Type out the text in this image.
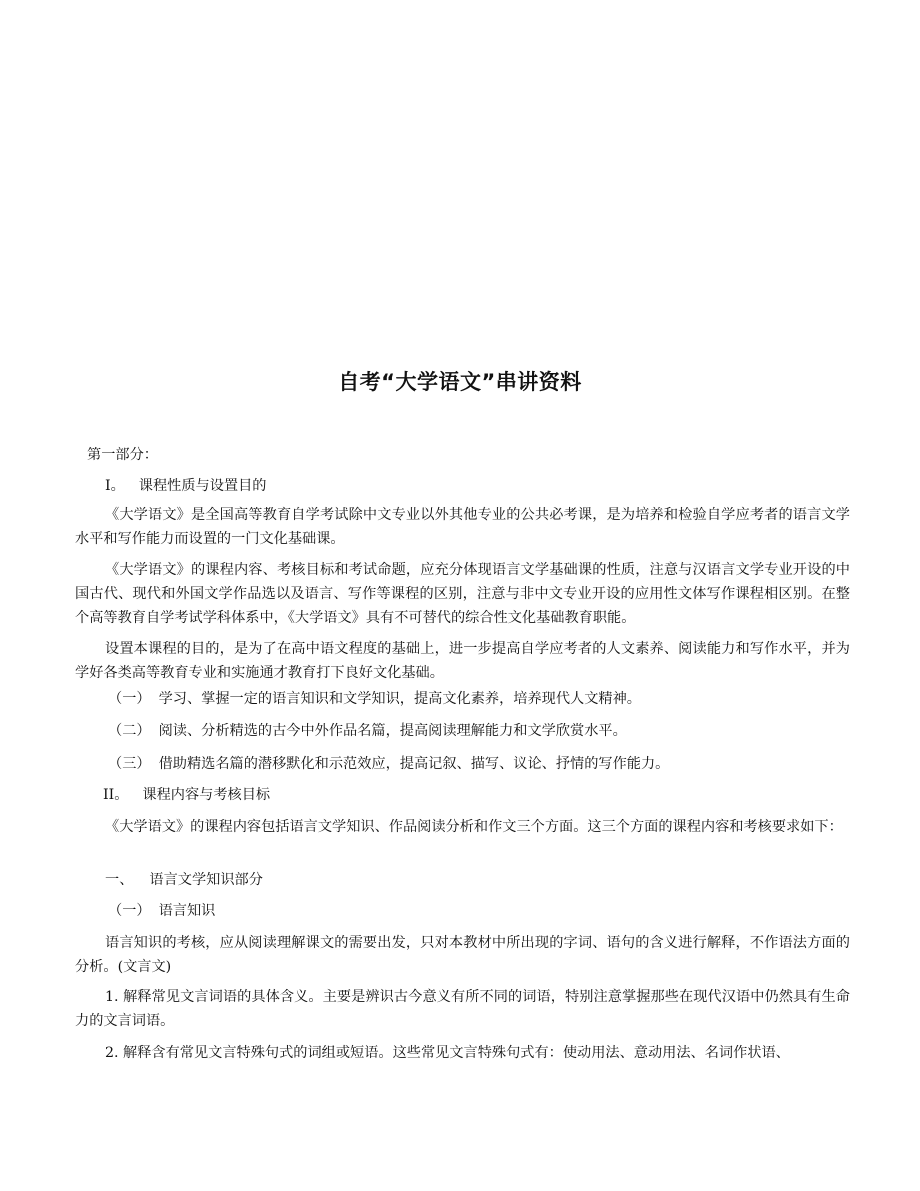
自考“大学语文”串讲资料
第一部分：
I。 课程性质与设置目的
《大学语文》是全国高等教育自学考试除中文专业以外其他专业的公共必考课，是为培养和检验自学应考者的语言文学水平和写作能力而设置的一门文化基础课。
《大学语文》的课程内容、考核目标和考试命题，应充分体现语言文学基础课的性质，注意与汉语言文学专业开设的中国古代、现代和外国文学作品选以及语言、写作等课程的区别，注意与非中文专业开设的应用性文体写作课程相区别。在整个高等教育自学考试学科体系中，《大学语文》具有不可替代的综合性文化基础教育职能。
设置本课程的目的，是为了在高中语文程度的基础上，进一步提高自学应考者的人文素养、阅读能力和写作水平，并为学好各类高等教育专业和实施通才教育打下良好文化基础。
（一） 学习、掌握一定的语言知识和文学知识，提高文化素养，培养现代人文精神。
（二） 阅读、分析精选的古今中外作品名篇，提高阅读理解能力和文学欣赏水平。
（三） 借助精选名篇的潜移默化和示范效应，提高记叙、描写、议论、抒情的写作能力。
II。 课程内容与考核目标
《大学语文》的课程内容包括语言文学知识、作品阅读分析和作文三个方面。这三个方面的课程内容和考核要求如下：
一、 语言文学知识部分
（一） 语言知识
语言知识的考核，应从阅读理解课文的需要出发，只对本教材中所出现的字词、语句的含义进行解释，不作语法方面的分析。(文言文)
1. 解释常见文言词语的具体含义。主要是辨识古今意义有所不同的词语，特别注意掌握那些在现代汉语中仍然具有生命力的文言词语。
2. 解释含有常见文言特殊句式的词组或短语。这些常见文言特殊句式有：使动用法、意动用法、名词作状语、
